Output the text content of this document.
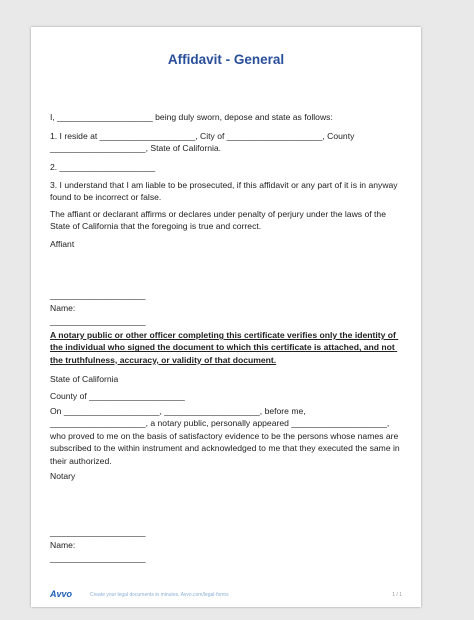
Affidavit - General
I, ____________________ being duly sworn, depose and state as follows:
1. I reside at ____________________, City of ____________________, County ____________________, State of California.
2. ____________________
3. I understand that I am liable to be prosecuted, if this affidavit or any part of it is in anyway found to be incorrect or false.
The affiant or declarant affirms or declares under penalty of perjury under the laws of the State of California that the foregoing is true and correct.
Affiant
____________________
Name:
____________________
A notary public or other officer completing this certificate verifies only the identity of the individual who signed the document to which this certificate is attached, and not the truthfulness, accuracy, or validity of that document.
State of California
County of ____________________
On ____________________, ____________________, before me, ____________________, a notary public, personally appeared ____________________, who proved to me on the basis of satisfactory evidence to be the persons whose names are subscribed to the within instrument and acknowledged to me that they executed the same in their authorized.
Notary
____________________
Name:
____________________
Avvo	Create your legal documents in minutes. Avvo.com/legal-forms	1 / 1
